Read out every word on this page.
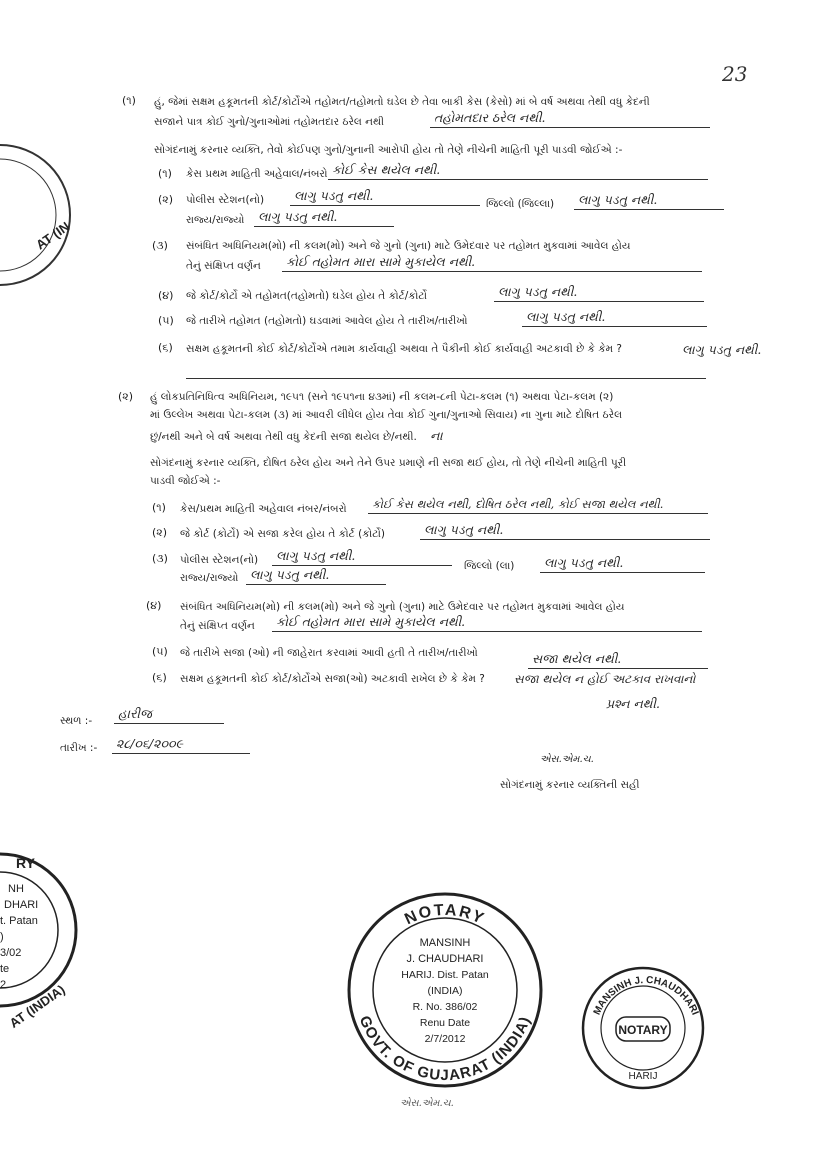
23
(૧) હું, જેમાં સક્ષમ હકૂમતની કોર્ટ/કોર્ટોએ તહોમત/તહોમતો ઘડેલ છે તેવા બાકી કેસ (કેસો) માં બે વર્ષ અથવા તેથી વધુ કેદની
સજાને પાત્ર કોઈ ગુનો/ગુનાઓમાં તહોમતદાર ઠરેલ નથી	તહોમતદાર ઠરેલ નથી.
સોગંદનામું કરનાર વ્યક્તિ, તેવો કોઈપણ ગુનો/ગુનાની આરોપી હોય તો તેણે નીચેની માહિતી પૂરી પાડવી જોઈએ :-
(૧) કેસ પ્રથમ માહિતી અહેવાલ/નંબરો કોઈ કેસ થયેલ નથી.
(૨) પોલીસ સ્ટેશન(નો)	લાગુ પડતુ નથી.
જિલ્લો (જિલ્લા)	લાગુ પડતુ નથી.
રાજ્ય/રાજ્યો	લાગુ પડતુ નથી.
(૩) સંબંધિત અધિનિયમ(મો) ની કલમ(મો) અને જે ગુનો (ગુના) માટે ઉમેદવાર પર તહોમત મુકવામાં આવેલ હોય
તેનું સંક્ષિપ્ત વર્ણન	કોઈ તહોમત મારા સામે મુકાયેલ નથી.
(૪) જે કોર્ટ/કોર્ટો એ તહોમત(તહોમતો) ઘડેલ હોય તે કોર્ટ/કોર્ટો	લાગુ પડતુ નથી.
(૫) જે તારીખે તહોમત (તહોમતો) ઘડવામાં આવેલ હોય તે તારીખ/તારીખો	લાગુ પડતુ નથી.
(૬) સક્ષમ હકૂમતની કોઈ કોર્ટ/કોર્ટોએ તમામ કાર્યવાહી અથવા તે પૈકીની કોઈ કાર્યવાહી અટકાવી છે કે કેમ ?	લાગુ પડતુ નથી.
(૨) હું લોકપ્રતિનિધિત્વ અધિનિયમ, ૧૯૫૧ (સને ૧૯૫૧ના ૪૩માં) ની કલમ-૮ની પેટા-કલમ (૧) અથવા પેટા-કલમ (૨)
માં ઉલ્લેખ અથવા પેટા-કલમ (૩) માં આવરી લીધેલ હોય તેવા કોઈ ગુના/ગુનાઓ સિવાય) ના ગુના માટે દોષિત ઠરેલ
છું/નથી અને બે વર્ષ અથવા તેથી વધુ કેદની સજા થયેલ છે/નથી. ના
સોગંદનામું કરનાર વ્યક્તિ, દોષિત ઠરેલ હોય અને તેને ઉપર પ્રમાણે ની સજા થઈ હોય, તો તેણે નીચેની માહિતી પૂરી
પાડવી જોઈએ :-
(૧) કેસ/પ્રથમ માહિતી અહેવાલ નંબર/નંબરો	કોઈ કેસ થયેલ નથી, દોષિત ઠરેલ નથી, કોઈ સજા થયેલ નથી.
(૨) જે કોર્ટ (કોર્ટો) એ સજા કરેલ હોય તે કોર્ટ (કોર્ટો)	લાગુ પડતુ નથી.
(૩) પોલીસ સ્ટેશન(નો)	લાગુ પડતુ નથી.
જિલ્લો (લા)	લાગુ પડતુ નથી.
રાજ્ય/રાજ્યો લાગુ પડતુ નથી.
(૪) સંબંધિત અધિનિયમ(મો) ની કલમ(મો) અને જે ગુનો (ગુના) માટે ઉમેદવાર પર તહોમત મુકવામાં આવેલ હોય
તેનું સંક્ષિપ્ત વર્ણન	કોઈ તહોમત મારા સામે મુકાયેલ નથી.
(૫) જે તારીખે સજા (ઓ) ની જાહેરાત કરવામાં આવી હતી તે તારીખ/તારીખો	સજા થયેલ નથી.
(૬) સક્ષમ હકૂમતની કોઈ કોર્ટ/કોર્ટોએ સજા(ઓ) અટકાવી રાખેલ છે કે કેમ ? સજા થયેલ ન હોઈ અટકાવ રાખવાનો
પ્રશ્ન નથી.
સ્થળ :-	હારીજ
તારીખ :-	૨૮/૦૬/૨૦૦૯
એસ.એમ.ચ.
સોગંદનામું કરનાર વ્યક્તિની સહી
એસ.એમ.ચ.
AT (IN
RY
NH
DHARI
t. Patan
)
3/02
te
2 AT (INDIA)
NOTARY
GOVT. OF GUJARAT (INDIA)
MANSINH
J. CHAUDHARI
HARIJ. Dist. Patan
(INDIA)
R. No. 386/02
Renu Date
2/7/2012
MANSINH J. CHAUDHARI
NOTARY
HARIJ
